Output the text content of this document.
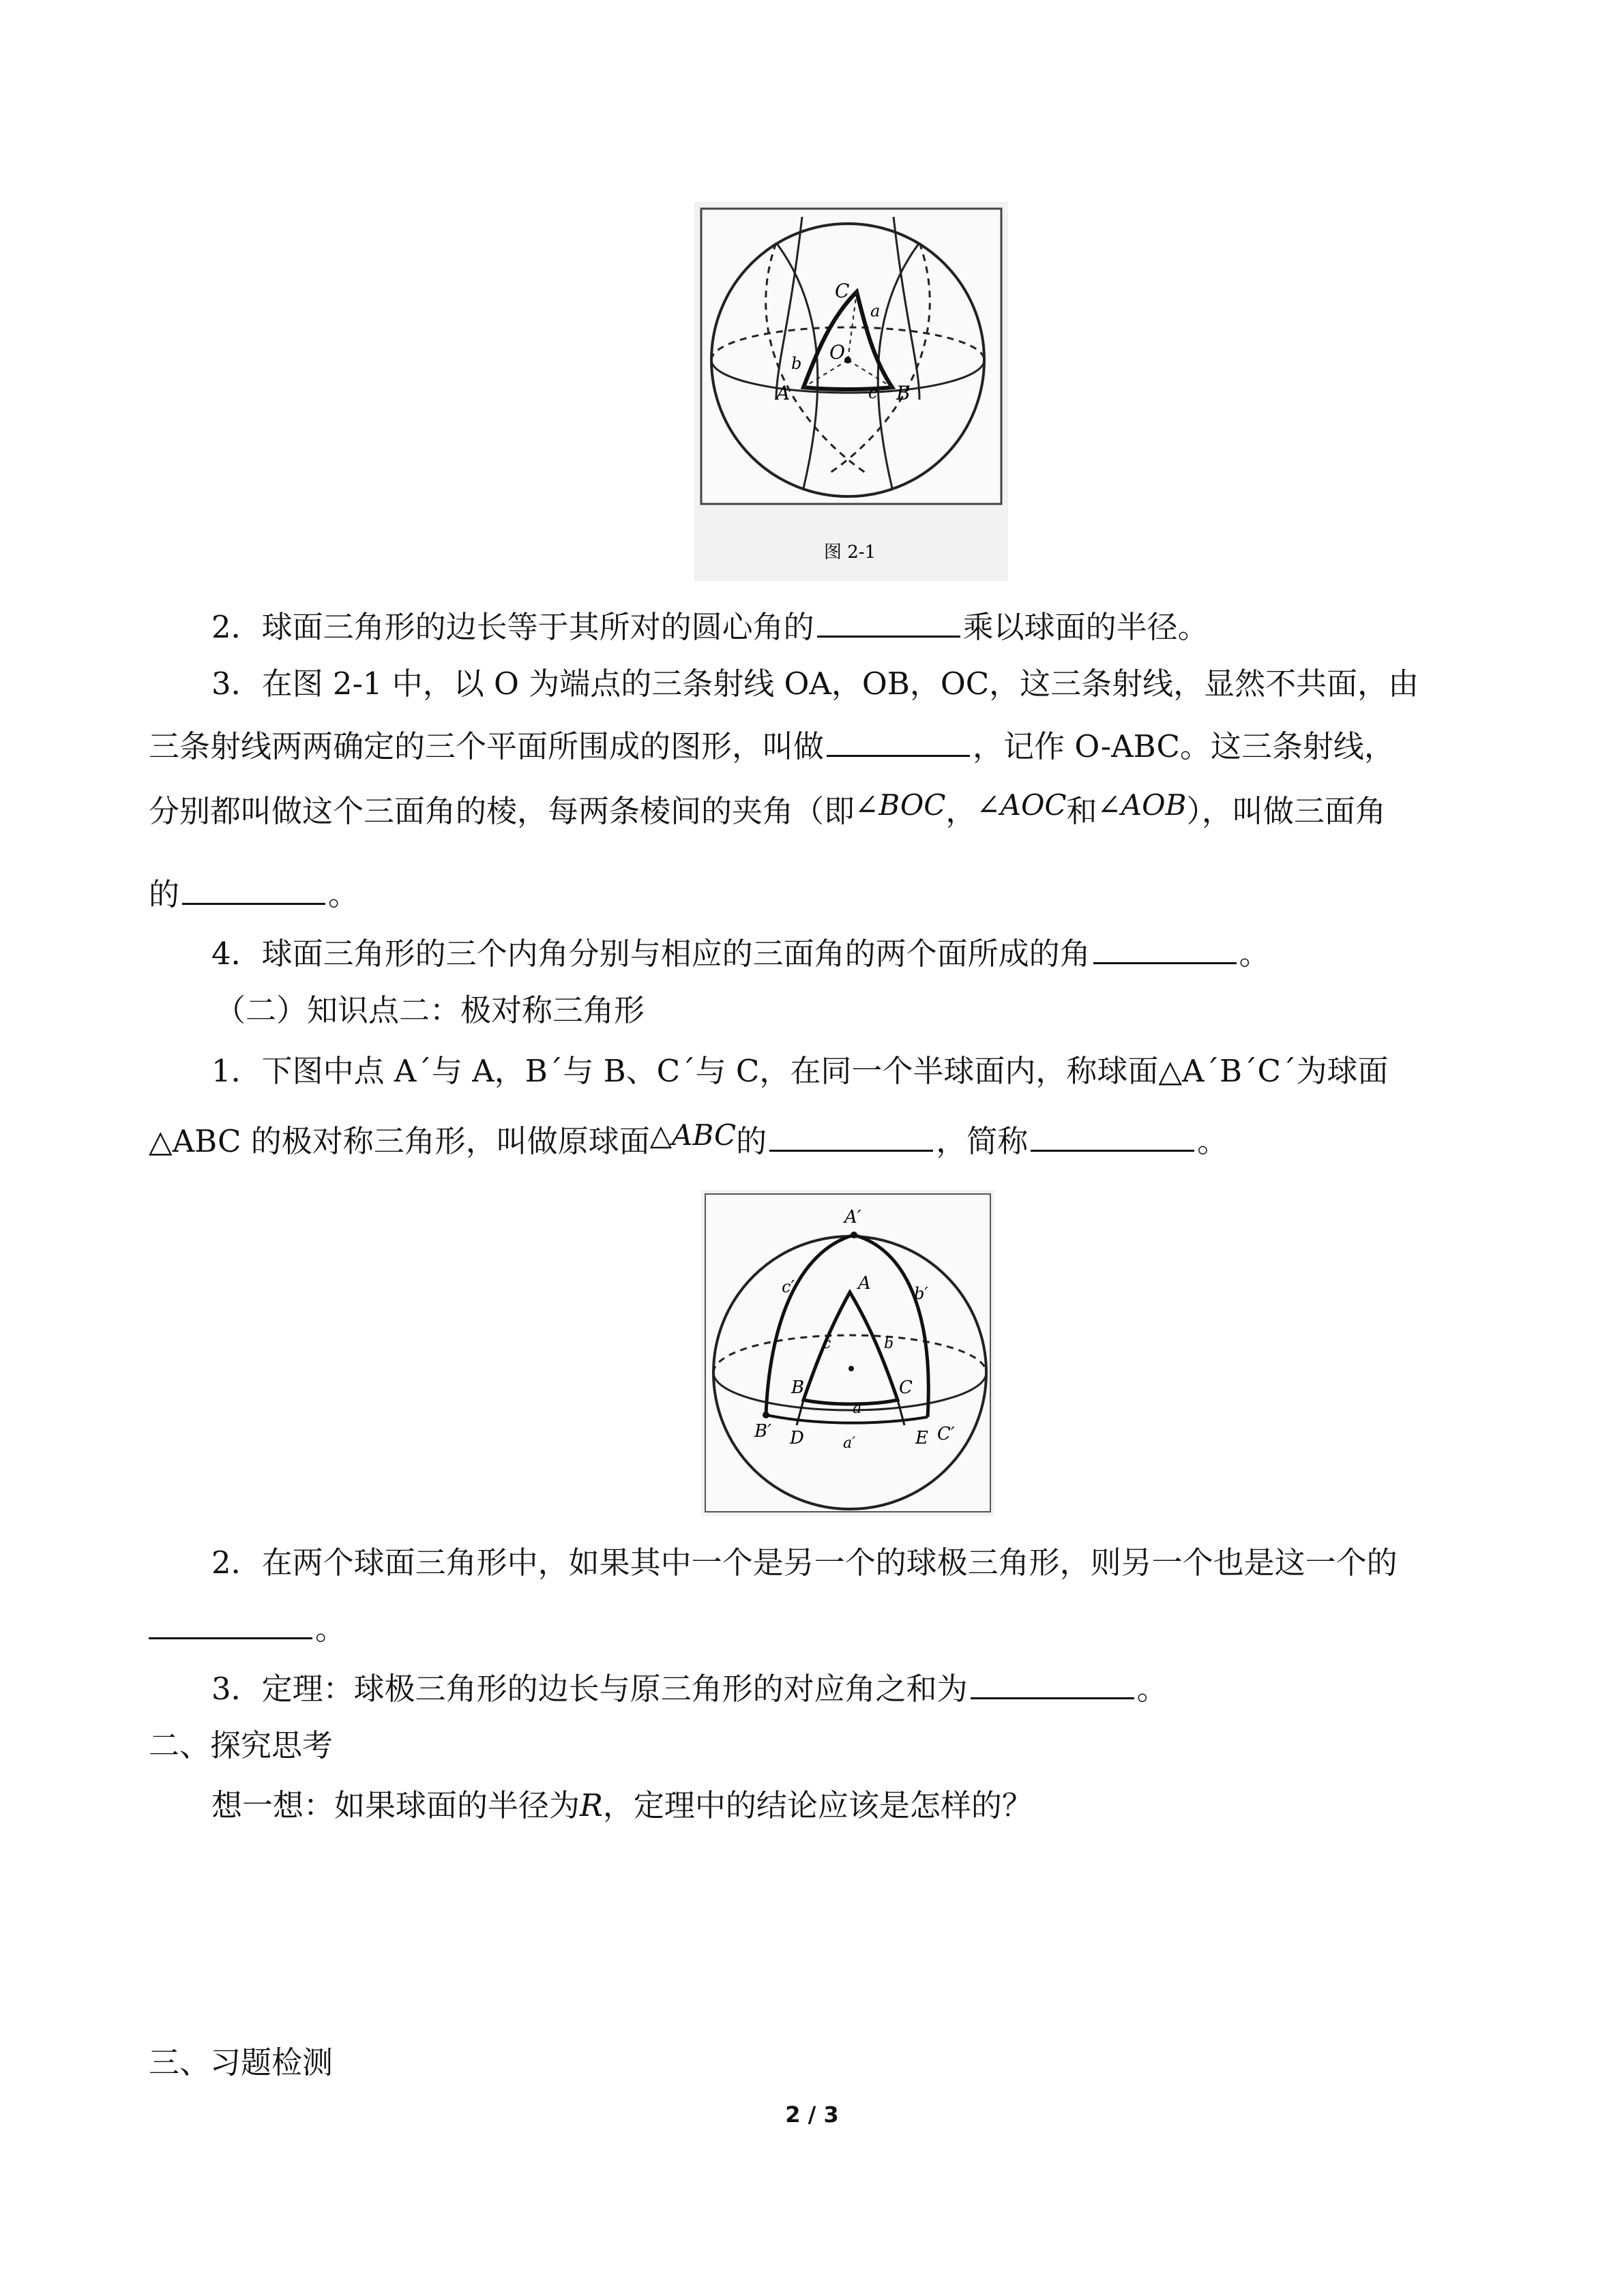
C
a
O
b
A	c B
图 2-1
2．球面三角形的边长等于其所对的圆心角的	乘以球面的半径。
3．在图 2-1 中，以 O 为端点的三条射线 OA，OB，OC，这三条射线，显然不共面，由
三条射线两两确定的三个平面所围成的图形，叫做	，记作 O-ABC。这三条射线，
分别都叫做这个三面角的棱，每两条棱间的夹角（即∠BOC，∠AOC和∠AOB），叫做三面角
的	。
4．球面三角形的三个内角分别与相应的三面角的两个面所成的角	。
（二）知识点二：极对称三角形
1．下图中点 A´与 A，B´与 B、C´与 C，在同一个半球面内，称球面△A´B´C´为球面
△ABC 的极对称三角形，叫做原球面△ABC的	，简称	。
A′
A
c′	b′
c	b
B	C
a
B′ D	a′	E C′
2．在两个球面三角形中，如果其中一个是另一个的球极三角形，则另一个也是这一个的
。
3．定理：球极三角形的边长与原三角形的对应角之和为	。
二、探究思考
想一想：如果球面的半径为R，定理中的结论应该是怎样的？
三、习题检测
2 / 3
